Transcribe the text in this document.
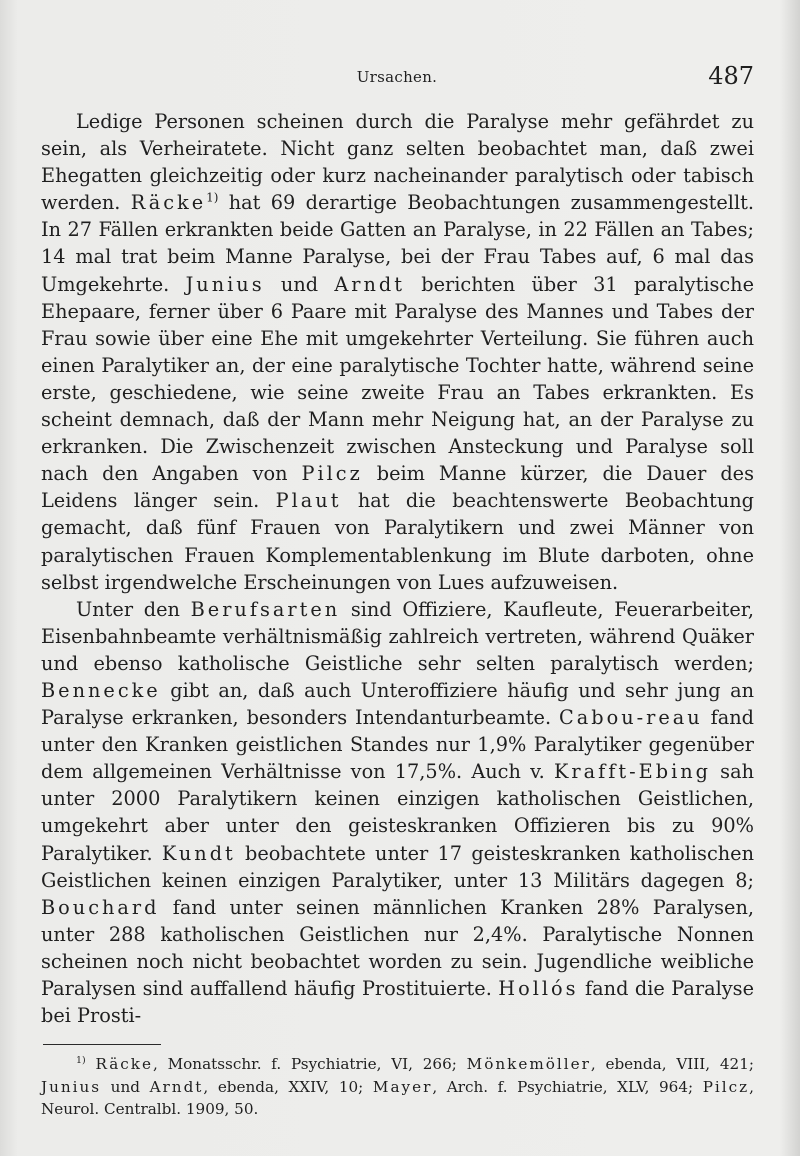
Ursachen.	487

Ledige Personen scheinen durch die Paralyse mehr gefährdet zu sein, als Verheiratete. Nicht ganz selten beobachtet man, daß zwei Ehegatten gleichzeitig oder kurz nacheinander paralytisch oder tabisch werden. Räcke$^{1)}$ hat 69 derartige Beobachtungen zusammengestellt. In 27 Fällen erkrankten beide Gatten an Paralyse, in 22 Fällen an Tabes; 14 mal trat beim Manne Paralyse, bei der Frau Tabes auf, 6 mal das Umgekehrte. Junius und Arndt berichten über 31 paralytische Ehepaare, ferner über 6 Paare mit Paralyse des Mannes und Tabes der Frau sowie über eine Ehe mit umgekehrter Verteilung. Sie führen auch einen Paralytiker an, der eine paralytische Tochter hatte, während seine erste, geschiedene, wie seine zweite Frau an Tabes erkrankten. Es scheint demnach, daß der Mann mehr Neigung hat, an der Paralyse zu erkranken. Die Zwischenzeit zwischen Ansteckung und Paralyse soll nach den Angaben von Pilcz beim Manne kürzer, die Dauer des Leidens länger sein. Plaut hat die beachtenswerte Beobachtung gemacht, daß fünf Frauen von Paralytikern und zwei Männer von paralytischen Frauen Komplementablenkung im Blute darboten, ohne selbst irgendwelche Erscheinungen von Lues aufzuweisen.

Unter den Berufsarten sind Offiziere, Kaufleute, Feuerarbeiter, Eisenbahnbeamte verhältnismäßig zahlreich vertreten, während Quäker und ebenso katholische Geistliche sehr selten paralytisch werden; Bennecke gibt an, daß auch Unteroffiziere häufig und sehr jung an Paralyse erkranken, besonders Intendanturbeamte. Cabou-reau fand unter den Kranken geistlichen Standes nur 1,9% Paralytiker gegenüber dem allgemeinen Verhältnisse von 17,5%. Auch v. Krafft-Ebing sah unter 2000 Paralytikern keinen einzigen katholischen Geistlichen, umgekehrt aber unter den geisteskranken Offizieren bis zu 90% Paralytiker. Kundt beobachtete unter 17 geisteskranken katholischen Geistlichen keinen einzigen Paralytiker, unter 13 Militärs dagegen 8; Bouchard fand unter seinen männlichen Kranken 28% Paralysen, unter 288 katholischen Geistlichen nur 2,4%. Paralytische Nonnen scheinen noch nicht beobachtet worden zu sein. Jugendliche weibliche Paralysen sind auffallend häufig Prostituierte. Hollós fand die Paralyse bei Prosti-

$^{1)}$ Räcke, Monatsschr. f. Psychiatrie, VI, 266; Mönkemöller, ebenda, VIII, 421; Junius und Arndt, ebenda, XXIV, 10; Mayer, Arch. f. Psychiatrie, XLV, 964; Pilcz, Neurol. Centralbl. 1909, 50.
